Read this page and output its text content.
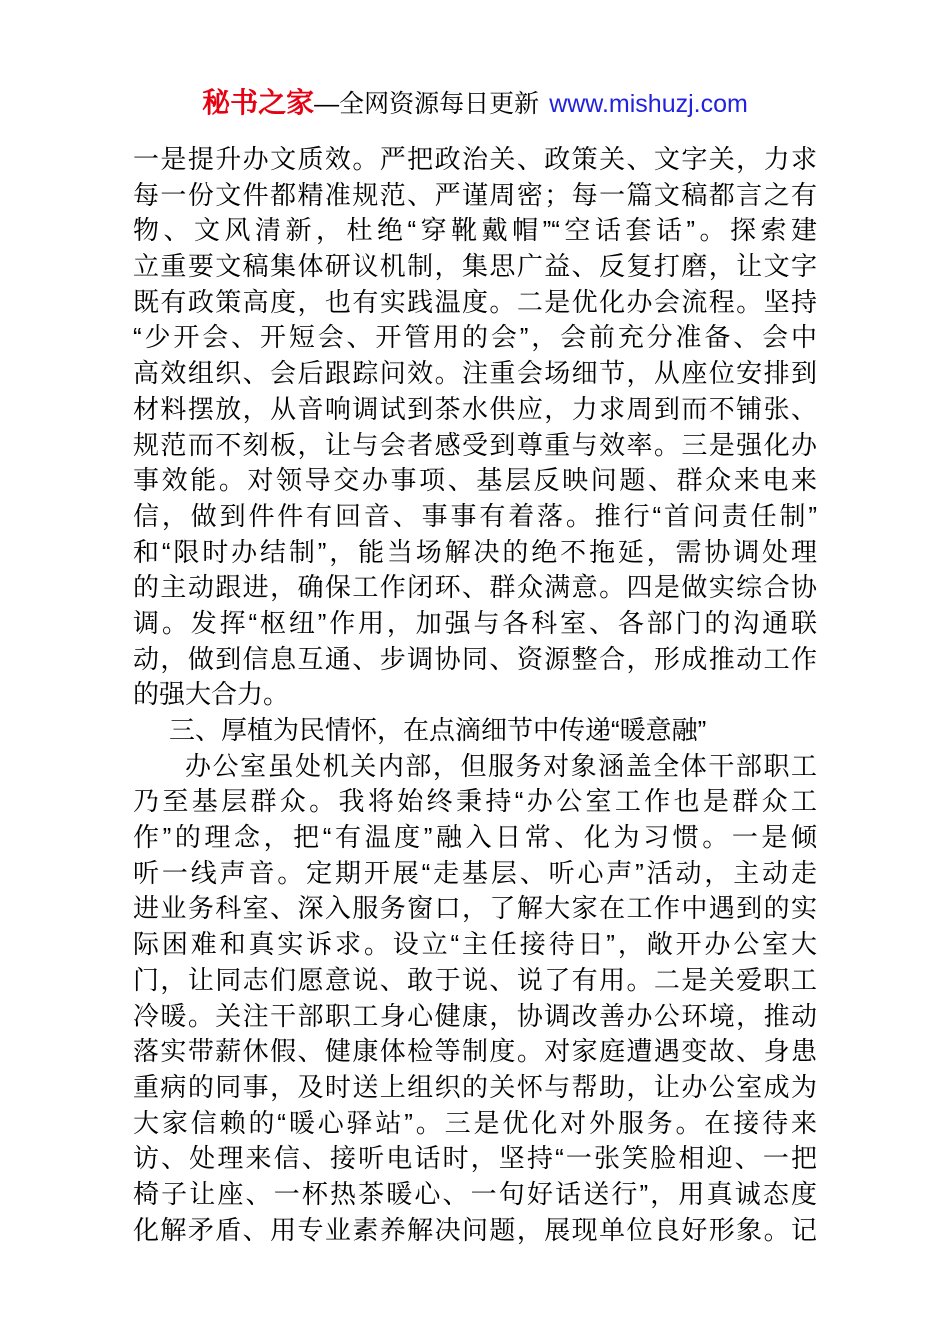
秘书之家—全网资源每日更新 www.mishuzj.com
一是提升办文质效。严把政治关、政策关、文字关，力求
每一份文件都精准规范、严谨周密；每一篇文稿都言之有
物、文风清新，杜绝“穿靴戴帽”“空话套话”。探索建
立重要文稿集体研议机制，集思广益、反复打磨，让文字
既有政策高度，也有实践温度。二是优化办会流程。坚持
“少开会、开短会、开管用的会”，会前充分准备、会中
高效组织、会后跟踪问效。注重会场细节，从座位安排到
材料摆放，从音响调试到茶水供应，力求周到而不铺张、
规范而不刻板，让与会者感受到尊重与效率。三是强化办
事效能。对领导交办事项、基层反映问题、群众来电来
信，做到件件有回音、事事有着落。推行“首问责任制”
和“限时办结制”，能当场解决的绝不拖延，需协调处理
的主动跟进，确保工作闭环、群众满意。四是做实综合协
调。发挥“枢纽”作用，加强与各科室、各部门的沟通联
动，做到信息互通、步调协同、资源整合，形成推动工作
的强大合力。
三、厚植为民情怀，在点滴细节中传递“暖意融”
办公室虽处机关内部，但服务对象涵盖全体干部职工
乃至基层群众。我将始终秉持“办公室工作也是群众工
作”的理念，把“有温度”融入日常、化为习惯。一是倾
听一线声音。定期开展“走基层、听心声”活动，主动走
进业务科室、深入服务窗口，了解大家在工作中遇到的实
际困难和真实诉求。设立“主任接待日”，敞开办公室大
门，让同志们愿意说、敢于说、说了有用。二是关爱职工
冷暖。关注干部职工身心健康，协调改善办公环境，推动
落实带薪休假、健康体检等制度。对家庭遭遇变故、身患
重病的同事，及时送上组织的关怀与帮助，让办公室成为
大家信赖的“暖心驿站”。三是优化对外服务。在接待来
访、处理来信、接听电话时，坚持“一张笑脸相迎、一把
椅子让座、一杯热茶暖心、一句好话送行”，用真诚态度
化解矛盾、用专业素养解决问题，展现单位良好形象。记
